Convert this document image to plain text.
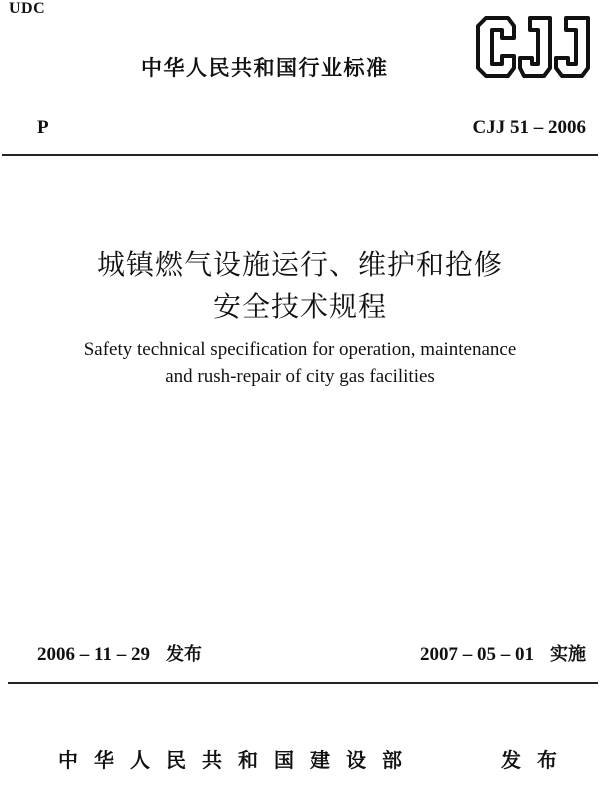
UDC
中华人民共和国行业标准
P	CJJ 51 – 2006
城镇燃气设施运行、维护和抢修
安全技术规程
Safety technical specification for operation, maintenance
and rush-repair of city gas facilities
2006 – 11 – 29 发布	2007 – 05 – 01 实施
中华人民共和国建设部	发布
